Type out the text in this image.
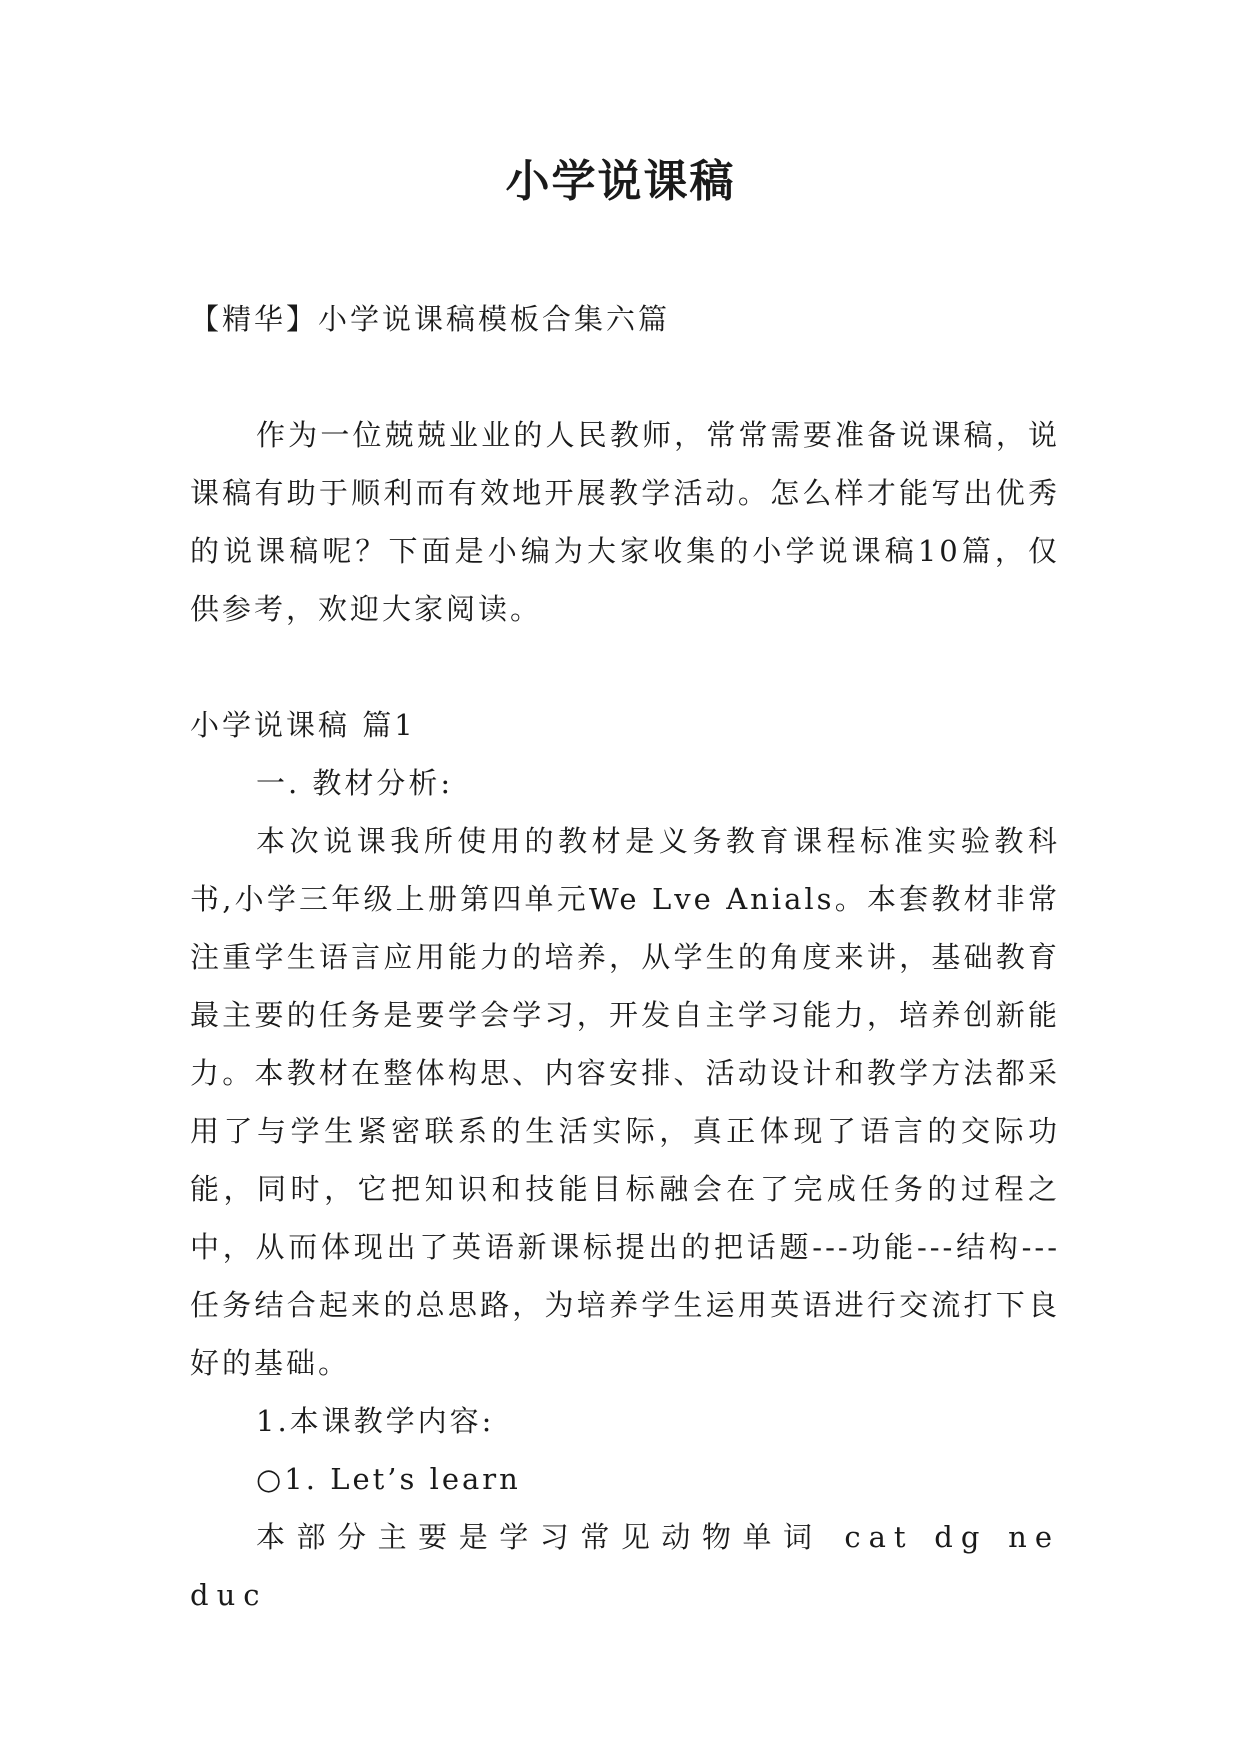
小学说课稿

【精华】小学说课稿模板合集六篇

作为一位兢兢业业的人民教师，常常需要准备说课稿，说课稿有助于顺利而有效地开展教学活动。怎么样才能写出优秀的说课稿呢？下面是小编为大家收集的小学说课稿10篇，仅供参考，欢迎大家阅读。

小学说课稿 篇1

一. 教材分析:

本次说课我所使用的教材是义务教育课程标准实验教科书,小学三年级上册第四单元We Lve Anials。本套教材非常注重学生语言应用能力的培养，从学生的角度来讲，基础教育最主要的任务是要学会学习，开发自主学习能力，培养创新能力。本教材在整体构思、内容安排、活动设计和教学方法都采用了与学生紧密联系的生活实际，真正体现了语言的交际功能，同时，它把知识和技能目标融会在了完成任务的过程之中，从而体现出了英语新课标提出的把话题---功能---结构---任务结合起来的总思路，为培养学生运用英语进行交流打下良好的基础。

1.本课教学内容:

○1. Let’s learn

本部分主要是学习常见动物单词 cat dg ne duc
